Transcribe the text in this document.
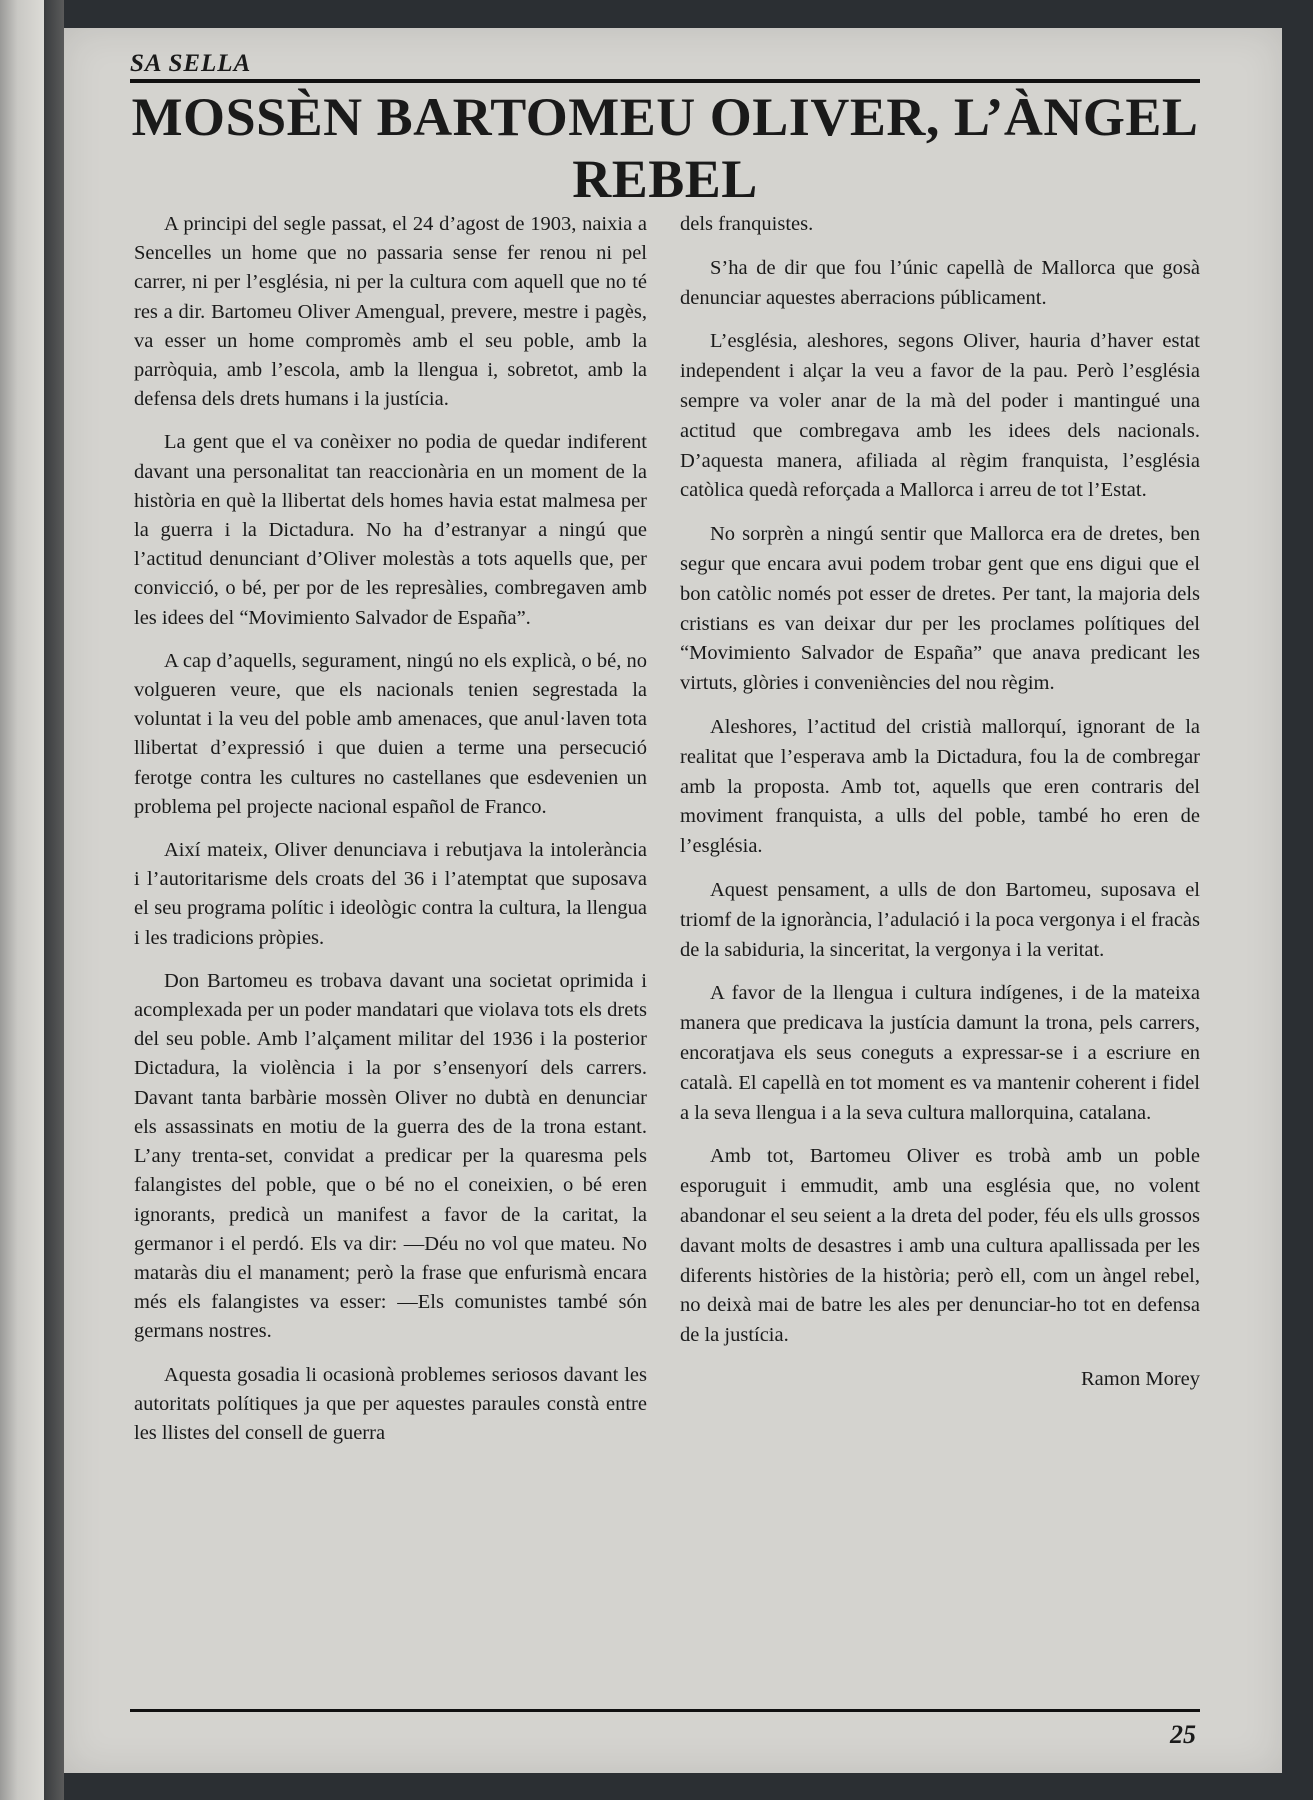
SA SELLA
MOSSÈN BARTOMEU OLIVER, L’ÀNGEL REBEL

A principi del segle passat, el 24 d’agost de 1903, naixia a Sencelles un home que no passaria sense fer renou ni pel carrer, ni per l’església, ni per la cultura com aquell que no té res a dir. Bartomeu Oliver Amengual, prevere, mestre i pagès, va esser un home compromès amb el seu poble, amb la parròquia, amb l’escola, amb la llengua i, sobretot, amb la defensa dels drets humans i la justícia.

La gent que el va conèixer no podia de quedar indiferent davant una personalitat tan reaccionària en un moment de la història en què la llibertat dels homes havia estat malmesa per la guerra i la Dictadura. No ha d’estranyar a ningú que l’actitud denunciant d’Oliver molestàs a tots aquells que, per convicció, o bé, per por de les represàlies, combregaven amb les idees del “Movimiento Salvador de España”.

A cap d’aquells, segurament, ningú no els explicà, o bé, no volgueren veure, que els nacionals tenien segrestada la voluntat i la veu del poble amb amenaces, que anul·laven tota llibertat d’expressió i que duien a terme una persecució ferotge contra les cultures no castellanes que esdevenien un problema pel projecte nacional español de Franco.

Així mateix, Oliver denunciava i rebutjava la intolerància i l’autoritarisme dels croats del 36 i l’atemptat que suposava el seu programa polític i ideològic contra la cultura, la llengua i les tradicions pròpies.

Don Bartomeu es trobava davant una societat oprimida i acomplexada per un poder mandatari que violava tots els drets del seu poble. Amb l’alçament militar del 1936 i la posterior Dictadura, la violència i la por s’ensenyorí dels carrers. Davant tanta barbàrie mossèn Oliver no dubtà en denunciar els assassinats en motiu de la guerra des de la trona estant. L’any trenta-set, convidat a predicar per la quaresma pels falangistes del poble, que o bé no el coneixien, o bé eren ignorants, predicà un manifest a favor de la caritat, la germanor i el perdó. Els va dir: —Déu no vol que mateu. No mataràs diu el manament; però la frase que enfurismà encara més els falangistes va esser: —Els comunistes també són germans nostres.

Aquesta gosadia li ocasionà problemes seriosos davant les autoritats polítiques ja que per aquestes paraules constà entre les llistes del consell de guerra

dels franquistes.

S’ha de dir que fou l’únic capellà de Mallorca que gosà denunciar aquestes aberracions públicament.

L’església, aleshores, segons Oliver, hauria d’haver estat independent i alçar la veu a favor de la pau. Però l’església sempre va voler anar de la mà del poder i mantingué una actitud que combregava amb les idees dels nacionals. D’aquesta manera, afiliada al règim franquista, l’església catòlica quedà reforçada a Mallorca i arreu de tot l’Estat.

No sorprèn a ningú sentir que Mallorca era de dretes, ben segur que encara avui podem trobar gent que ens digui que el bon catòlic només pot esser de dretes. Per tant, la majoria dels cristians es van deixar dur per les proclames polítiques del “Movimiento Salvador de España” que anava predicant les virtuts, glòries i conveniències del nou règim.

Aleshores, l’actitud del cristià mallorquí, ignorant de la realitat que l’esperava amb la Dictadura, fou la de combregar amb la proposta. Amb tot, aquells que eren contraris del moviment franquista, a ulls del poble, també ho eren de l’església.

Aquest pensament, a ulls de don Bartomeu, suposava el triomf de la ignorància, l’adulació i la poca vergonya i el fracàs de la sabiduria, la sinceritat, la vergonya i la veritat.

A favor de la llengua i cultura indígenes, i de la mateixa manera que predicava la justícia damunt la trona, pels carrers, encoratjava els seus coneguts a expressar-se i a escriure en català. El capellà en tot moment es va mantenir coherent i fidel a la seva llengua i a la seva cultura mallorquina, catalana.

Amb tot, Bartomeu Oliver es trobà amb un poble esporuguit i emmudit, amb una església que, no volent abandonar el seu seient a la dreta del poder, féu els ulls grossos davant molts de desastres i amb una cultura apallissada per les diferents històries de la història; però ell, com un àngel rebel, no deixà mai de batre les ales per denunciar-ho tot en defensa de la justícia.

Ramon Morey
25
